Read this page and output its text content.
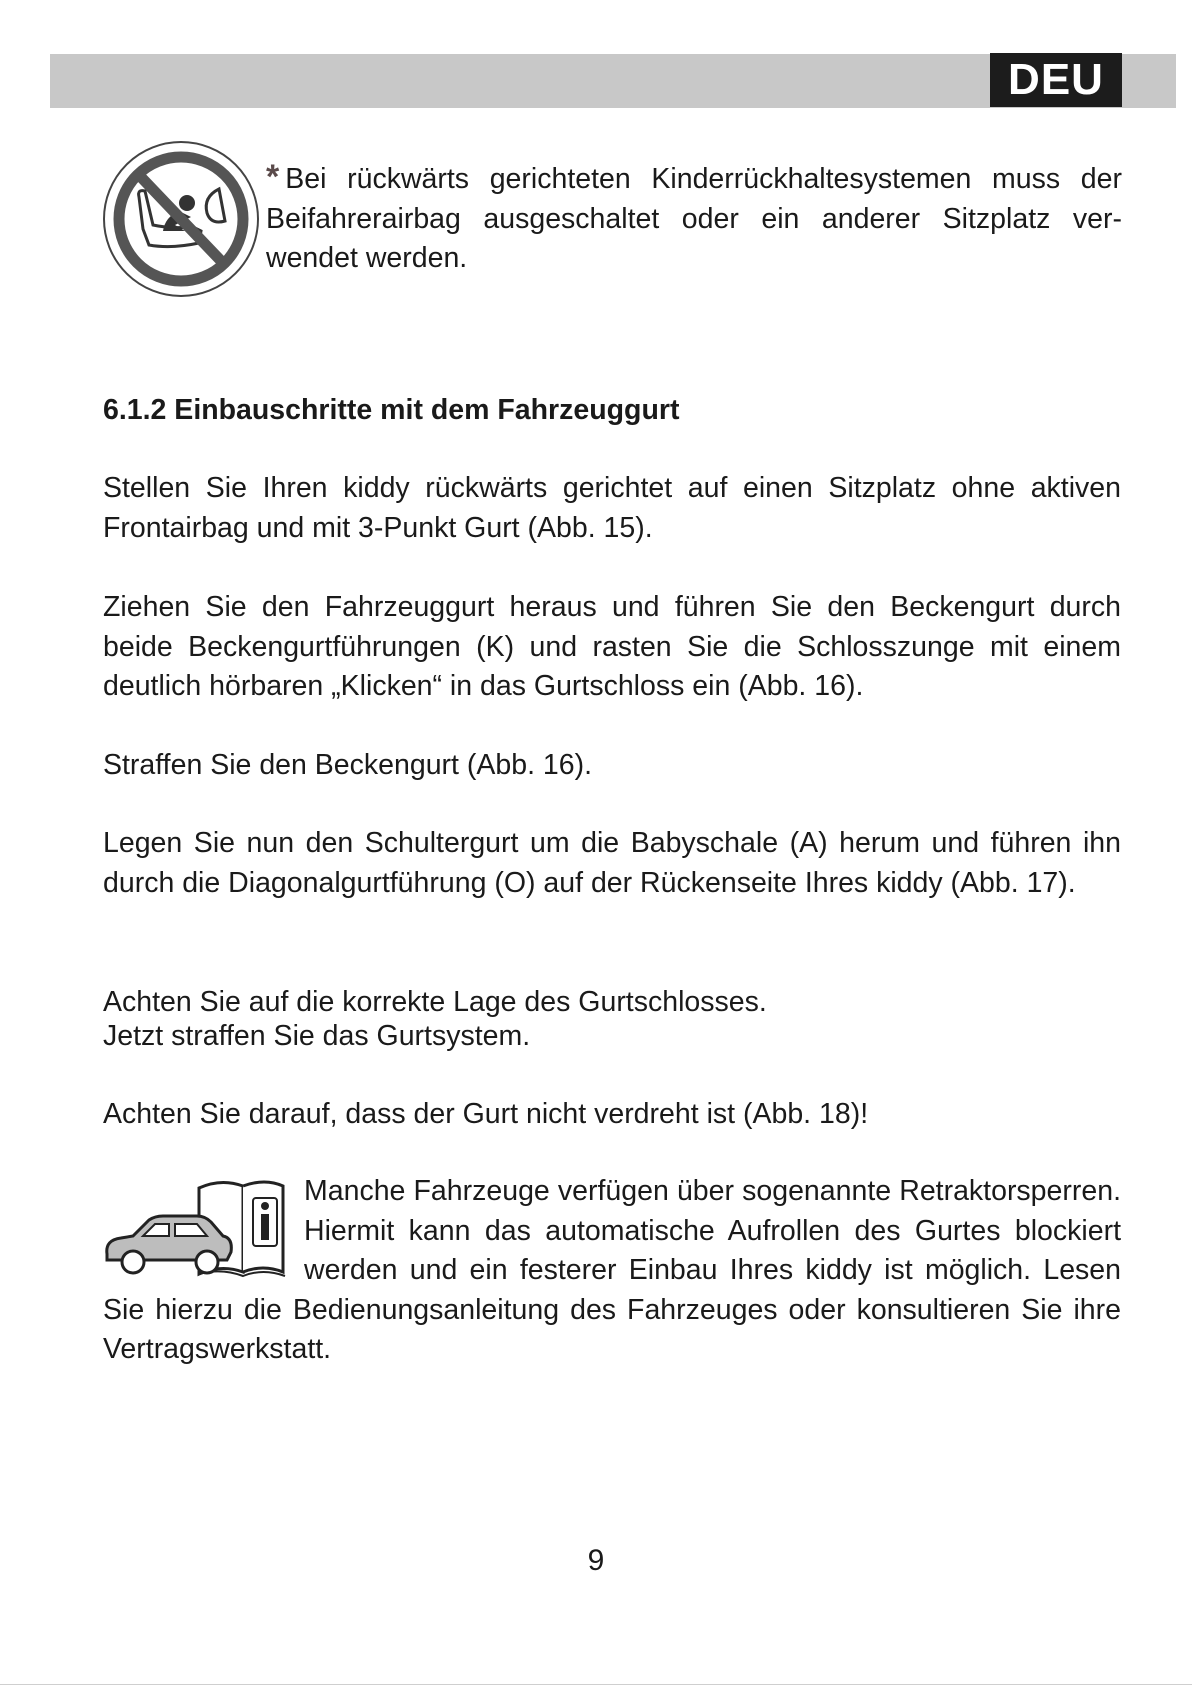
DEU
* Bei rückwärts gerichteten Kinderrückhaltesystemen muss der Beifahrerairbag ausgeschaltet oder ein anderer Sitzplatz ver-wendet werden.
6.1.2 Einbauschritte mit dem Fahrzeuggurt
Stellen Sie Ihren kiddy rückwärts gerichtet auf einen Sitzplatz ohne aktiven Frontairbag und mit 3-Punkt Gurt (Abb. 15).
Ziehen Sie den Fahrzeuggurt heraus und führen Sie den Beckengurt durch beide Beckengurtführungen (K) und rasten Sie die Schlosszunge mit einem deutlich hörbaren „Klicken“ in das Gurtschloss ein (Abb. 16).
Straffen Sie den Beckengurt (Abb. 16).
Legen Sie nun den Schultergurt um die Babyschale (A) herum und führen ihn durch die Diagonalgurtführung (O) auf der Rückenseite Ihres kiddy (Abb. 17).
Achten Sie auf die korrekte Lage des Gurtschlosses.
Jetzt straffen Sie das Gurtsystem.
Achten Sie darauf, dass der Gurt nicht verdreht ist (Abb. 18)!

Manche Fahrzeuge verfügen über sogenannte Retraktorsperren. Hiermit kann das automatische Aufrollen des Gurtes blockiert werden und ein festerer Einbau Ihres kiddy ist möglich. Lesen Sie hierzu die Bedienungsanleitung des Fahrzeuges oder konsultieren Sie ihre Vertragswerkstatt.

9
